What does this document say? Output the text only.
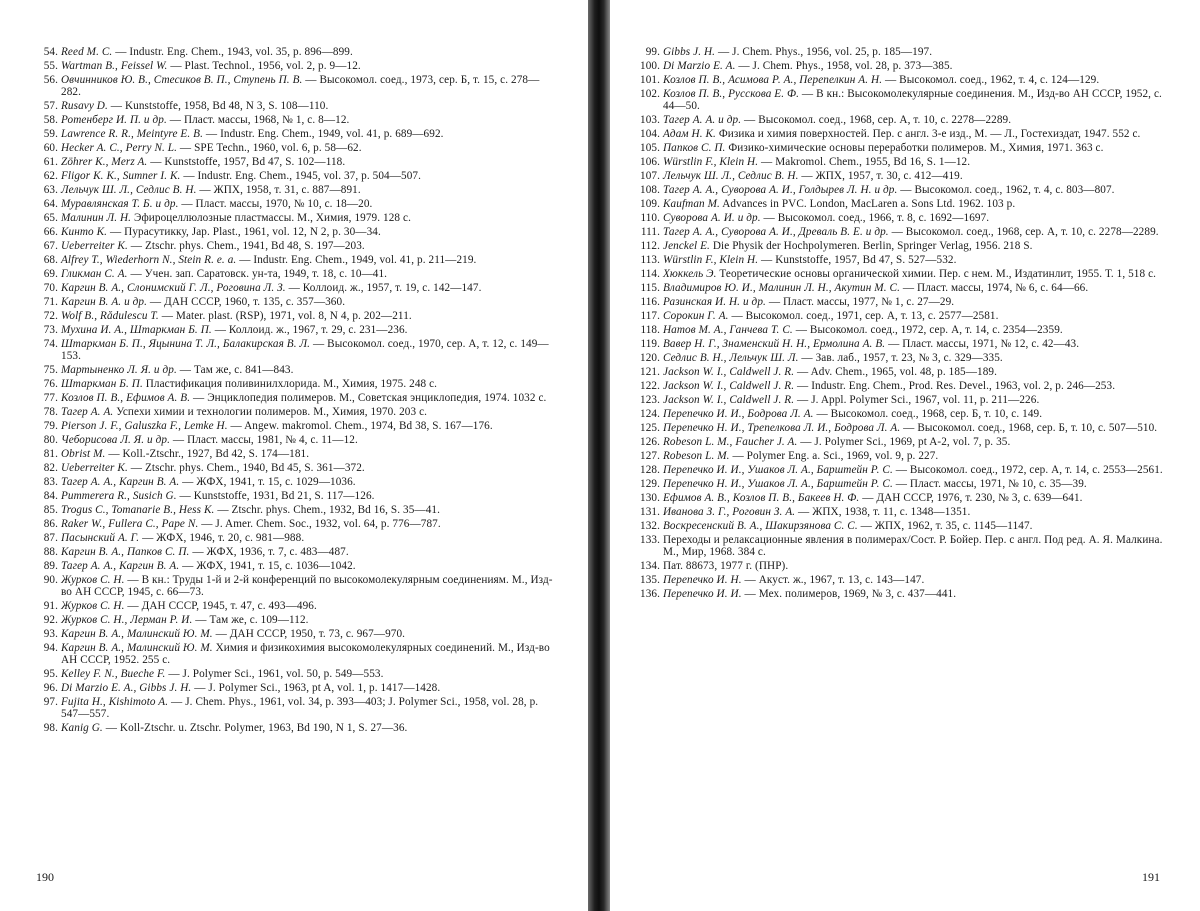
54. Reed M. C. — Industr. Eng. Chem., 1943, vol. 35, p. 896—899.
55. Wartman B., Feissel W. — Plast. Technol., 1956, vol. 2, p. 9—12.
56. Овчинников Ю. В., Стесиков В. П., Ступень П. В. — Высокомол. соед., 1973, сер. Б, т. 15, с. 278—282.
57. Rusavy D. — Kunststoffe, 1958, Bd 48, N 3, S. 108—110.
58. Ротенберг И. П. и др. — Пласт. массы, 1968, № 1, с. 8—12.
59. Lawrence R. R., Meintyre E. B. — Industr. Eng. Chem., 1949, vol. 41, p. 689—692.
60. Hecker A. C., Perry N. L. — SPE Techn., 1960, vol. 6, p. 58—62.
61. Zöhrer K., Merz A. — Kunststoffe, 1957, Bd 47, S. 102—118.
62. Fligor K. K., Sumner I. K. — Industr. Eng. Chem., 1945, vol. 37, p. 504—507.
63. Лельчук Ш. Л., Седлис В. Н. — ЖПХ, 1958, т. 31, с. 887—891.
64. Муравлянская Т. Б. и др. — Пласт. массы, 1970, № 10, с. 18—20.
65. Малинин Л. Н. Эфироцеллюлозные пластмассы. М., Химия, 1979. 128 с.
66. Кинто К. — Пурасутикку, Jap. Plast., 1961, vol. 12, N 2, p. 30—34.
67. Ueberreiter K. — Ztschr. phys. Chem., 1941, Bd 48, S. 197—203.
68. Alfrey T., Wiederhorn N., Stein R. e. a. — Industr. Eng. Chem., 1949, vol. 41, p. 211—219.
69. Гликман С. А. — Учен. зап. Саратовск. ун-та, 1949, т. 18, с. 10—41.
70. Каргин В. А., Слонимский Г. Л., Роговина Л. З. — Коллоид. ж., 1957, т. 19, с. 142—147.
71. Каргин В. А. и др. — ДАН СССР, 1960, т. 135, с. 357—360.
72. Wolf B., Rădulescu T. — Mater. plast. (RSP), 1971, vol. 8, N 4, p. 202—211.
73. Мухина И. А., Штаркман Б. П. — Коллоид. ж., 1967, т. 29, с. 231—236.
74. Штаркман Б. П., Яцынина Т. Л., Балакирская В. Л. — Высокомол. соед., 1970, сер. А, т. 12, с. 149—153.
75. Мартыненко Л. Я. и др. — Там же, с. 841—843.
76. Штаркман Б. П. Пластификация поливинилхлорида. М., Химия, 1975. 248 с.
77. Козлов П. В., Ефимов А. В. — Энциклопедия полимеров. М., Советская энциклопедия, 1974. 1032 с.
78. Тагер А. А. Успехи химии и технологии полимеров. М., Химия, 1970. 203 с.
79. Pierson J. F., Galuszka F., Lemke H. — Angew. makromol. Chem., 1974, Bd 38, S. 167—176.
80. Чеборисова Л. Я. и др. — Пласт. массы, 1981, № 4, с. 11—12.
81. Obrist M. — Koll.-Ztschr., 1927, Bd 42, S. 174—181.
82. Ueberreiter K. — Ztschr. phys. Chem., 1940, Bd 45, S. 361—372.
83. Тагер А. А., Каргин В. А. — ЖФХ, 1941, т. 15, с. 1029—1036.
84. Pummerera R., Susich G. — Kunststoffe, 1931, Bd 21, S. 117—126.
85. Trogus C., Tomanarie B., Hess K. — Ztschr. phys. Chem., 1932, Bd 16, S. 35—41.
86. Raker W., Fullera C., Pape N. — J. Amer. Chem. Soc., 1932, vol. 64, p. 776—787.
87. Пасынский А. Г. — ЖФХ, 1946, т. 20, с. 981—988.
88. Каргин В. А., Папков С. П. — ЖФХ, 1936, т. 7, с. 483—487.
89. Тагер А. А., Каргин В. А. — ЖФХ, 1941, т. 15, с. 1036—1042.
90. Журков С. Н. — В кн.: Труды 1-й и 2-й конференций по высокомолекулярным соединениям. М., Изд-во АН СССР, 1945, с. 66—73.
91. Журков С. Н. — ДАН СССР, 1945, т. 47, с. 493—496.
92. Журков С. Н., Лерман Р. И. — Там же, с. 109—112.
93. Каргин В. А., Малинский Ю. М. — ДАН СССР, 1950, т. 73, с. 967—970.
94. Каргин В. А., Малинский Ю. М. Химия и физикохимия высокомолекулярных соединений. М., Изд-во АН СССР, 1952. 255 с.
95. Kelley F. N., Bueche F. — J. Polymer Sci., 1961, vol. 50, p. 549—553.
96. Di Marzio E. A., Gibbs J. H. — J. Polymer Sci., 1963, pt A, vol. 1, p. 1417—1428.
97. Fujita H., Kishimoto A. — J. Chem. Phys., 1961, vol. 34, p. 393—403; J. Polymer Sci., 1958, vol. 28, p. 547—557.
98. Kanig G. — Koll-Ztschr. u. Ztschr. Polymer, 1963, Bd 190, N 1, S. 27—36.
190
99. Gibbs J. H. — J. Chem. Phys., 1956, vol. 25, p. 185—197.
100. Di Marzio E. A. — J. Chem. Phys., 1958, vol. 28, p. 373—385.
101. Козлов П. В., Асимова Р. А., Перепелкин А. Н. — Высокомол. соед., 1962, т. 4, с. 124—129.
102. Козлов П. В., Русскова Е. Ф. — В кн.: Высокомолекулярные соединения. М., Изд-во АН СССР, 1952, с. 44—50.
103. Тагер А. А. и др. — Высокомол. соед., 1968, сер. А, т. 10, с. 2278—2289.
104. Адам Н. К. Физика и химия поверхностей. Пер. с англ. 3-е изд., М. — Л., Гостехиздат, 1947. 552 с.
105. Папков С. П. Физико-химические основы переработки полимеров. М., Химия, 1971. 363 с.
106. Würstlin F., Klein H. — Makromol. Chem., 1955, Bd 16, S. 1—12.
107. Лельчук Ш. Л., Седлис В. Н. — ЖПХ, 1957, т. 30, с. 412—419.
108. Тагер А. А., Суворова А. И., Голдырев Л. Н. и др. — Высокомол. соед., 1962, т. 4, с. 803—807.
109. Kaufman M. Advances in PVC. London, MacLaren a. Sons Ltd. 1962. 103 p.
110. Суворова А. И. и др. — Высокомол. соед., 1966, т. 8, с. 1692—1697.
111. Тагер А. А., Суворова А. И., Древаль В. Е. и др. — Высокомол. соед., 1968, сер. А, т. 10, с. 2278—2289.
112. Jenckel E. Die Physik der Hochpolymeren. Berlin, Springer Verlag, 1956. 218 S.
113. Würstlin F., Klein H. — Kunststoffe, 1957, Bd 47, S. 527—532.
114. Хюккель Э. Теоретические основы органической химии. Пер. с нем. М., Издатинлит, 1955. Т. 1, 518 с.
115. Владимиров Ю. И., Малинин Л. Н., Акутин М. С. — Пласт. массы, 1974, № 6, с. 64—66.
116. Разинская И. Н. и др. — Пласт. массы, 1977, № 1, с. 27—29.
117. Сорокин Г. А. — Высокомол. соед., 1971, сер. А, т. 13, с. 2577—2581.
118. Натов М. А., Ганчева Т. С. — Высокомол. соед., 1972, сер. А, т. 14, с. 2354—2359.
119. Вавер Н. Г., Знаменский Н. Н., Ермолина А. В. — Пласт. массы, 1971, № 12, с. 42—43.
120. Седлис В. Н., Лельчук Ш. Л. — Зав. лаб., 1957, т. 23, № 3, с. 329—335.
121. Jackson W. I., Caldwell J. R. — Adv. Chem., 1965, vol. 48, p. 185—189.
122. Jackson W. I., Caldwell J. R. — Industr. Eng. Chem., Prod. Res. Devel., 1963, vol. 2, p. 246—253.
123. Jackson W. I., Caldwell J. R. — J. Appl. Polymer Sci., 1967, vol. 11, p. 211—226.
124. Перепечко И. И., Бодрова Л. А. — Высокомол. соед., 1968, сер. Б, т. 10, с. 149.
125. Перепечко Н. И., Трепелкова Л. И., Бодрова Л. А. — Высокомол. соед., 1968, сер. Б, т. 10, с. 507—510.
126. Robeson L. M., Faucher J. A. — J. Polymer Sci., 1969, pt A-2, vol. 7, p. 35.
127. Robeson L. M. — Polymer Eng. a. Sci., 1969, vol. 9, p. 227.
128. Перепечко И. И., Ушаков Л. А., Барштейн Р. С. — Высокомол. соед., 1972, сер. А, т. 14, с. 2553—2561.
129. Перепечко Н. И., Ушаков Л. А., Барштейн Р. С. — Пласт. массы, 1971, № 10, с. 35—39.
130. Ефимов А. В., Козлов П. В., Бакеев Н. Ф. — ДАН СССР, 1976, т. 230, № 3, с. 639—641.
131. Иванова З. Г., Роговин З. А. — ЖПХ, 1938, т. 11, с. 1348—1351.
132. Воскресенский В. А., Шакирзянова С. С. — ЖПХ, 1962, т. 35, с. 1145—1147.
133. Переходы и релаксационные явления в полимерах/Сост. Р. Бойер. Пер. с англ. Под ред. А. Я. Малкина. М., Мир, 1968. 384 с.
134. Пат. 88673, 1977 г. (ПНР).
135. Перепечко И. Н. — Акуст. ж., 1967, т. 13, с. 143—147.
136. Перепечко И. И. — Мех. полимеров, 1969, № 3, с. 437—441.
191
